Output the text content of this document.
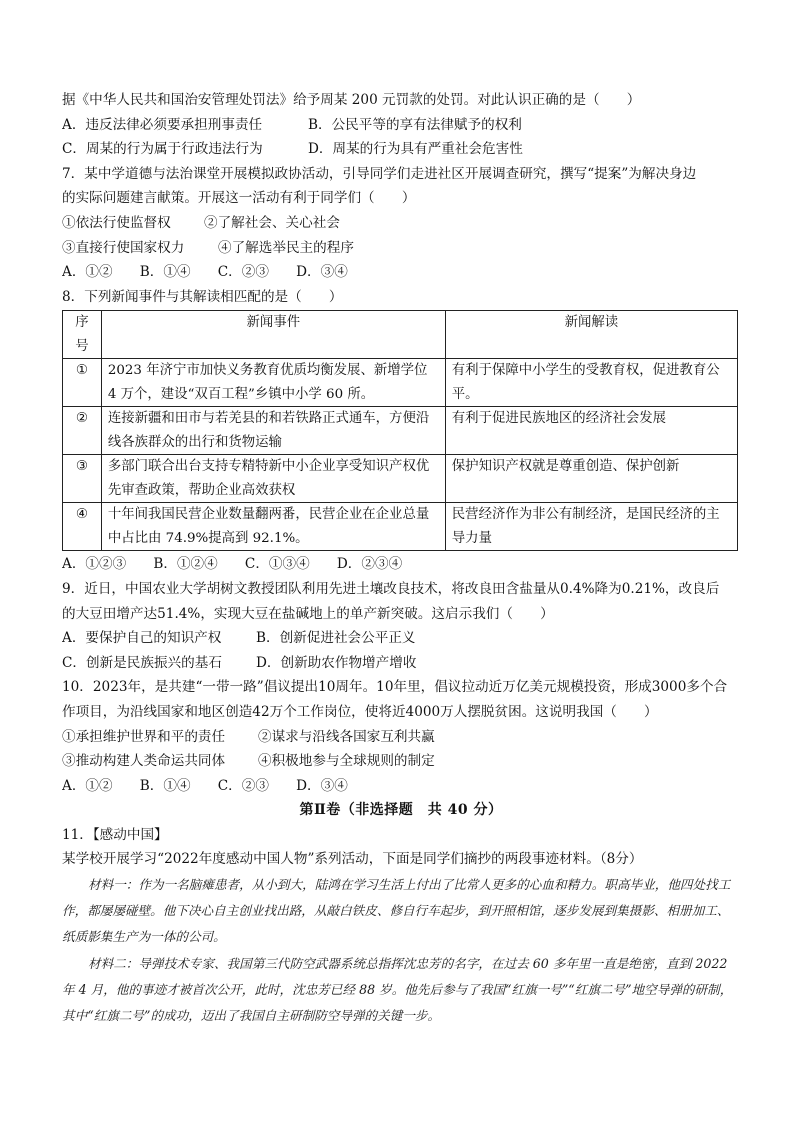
据《中华人民共和国治安管理处罚法》给予周某 200 元罚款的处罚。对此认识正确的是（　　）
A．违反法律必须要承担刑事责任	B．公民平等的享有法律赋予的权利
C．周某的行为属于行政违法行为	D．周某的行为具有严重社会危害性
7．某中学道德与法治课堂开展模拟政协活动，引导同学们走进社区开展调查研究，撰写“提案”为解决身边
的实际问题建言献策。开展这一活动有利于同学们（　　）
①依法行使监督权	②了解社会、关心社会
③直接行使国家权力	④了解选举民主的程序
A．①②　　B．①④　　C．②③　　D．③④
8．下列新闻事件与其解读相匹配的是（　　）
序号	新闻事件	新闻解读
①	2023 年济宁市加快义务教育优质均衡发展、新增学位 4 万个，建设“双百工程”乡镇中小学 60 所。	有利于保障中小学生的受教育权，促进教育公平。
②	连接新疆和田市与若羌县的和若铁路正式通车，方便沿线各族群众的出行和货物运输	有利于促进民族地区的经济社会发展
③	多部门联合出台支持专精特新中小企业享受知识产权优先审查政策，帮助企业高效获权	保护知识产权就是尊重创造、保护创新
④	十年间我国民营企业数量翻两番，民营企业在企业总量中占比由 74.9%提高到 92.1%。	民营经济作为非公有制经济，是国民经济的主导力量
A．①②③　　B．①②④　　C．①③④　　D．②③④
9．近日，中国农业大学胡树文教授团队利用先进土壤改良技术，将改良田含盐量从0.4%降为0.21%，改良后
的大豆田增产达51.4%，实现大豆在盐碱地上的单产新突破。这启示我们（　　）
A．要保护自己的知识产权	B．创新促进社会公平正义
C．创新是民族振兴的基石	D．创新助农作物增产增收
10．2023年，是共建“一带一路”倡议提出10周年。10年里，倡议拉动近万亿美元规模投资，形成3000多个合
作项目，为沿线国家和地区创造42万个工作岗位，使将近4000万人摆脱贫困。这说明我国（　　）
①承担维护世界和平的责任	②谋求与沿线各国家互利共赢
③推动构建人类命运共同体	④积极地参与全球规则的制定
A．①②　　B．①④　　C．②③　　D．③④
第Ⅱ卷（非选择题　共 40 分）
11．【感动中国】
某学校开展学习“2022年度感动中国人物”系列活动，下面是同学们摘抄的两段事迹材料。（8分）

材料一：作为一名脑瘫患者，从小到大，陆鸿在学习生活上付出了比常人更多的心血和精力。职高毕业，他四处找工作，都屡屡碰壁。他下决心自主创业找出路，从敲白铁皮、修自行车起步，到开照相馆，逐步发展到集摄影、相册加工、纸质影集生产为一体的公司。

材料二：导弹技术专家、我国第三代防空武器系统总指挥沈忠芳的名字，在过去 60 多年里一直是绝密，直到 2022 年 4 月，他的事迹才被首次公开，此时，沈忠芳已经 88 岁。他先后参与了我国“红旗一号”“红旗二号”地空导弹的研制，其中“红旗二号”的成功，迈出了我国自主研制防空导弹的关键一步。
